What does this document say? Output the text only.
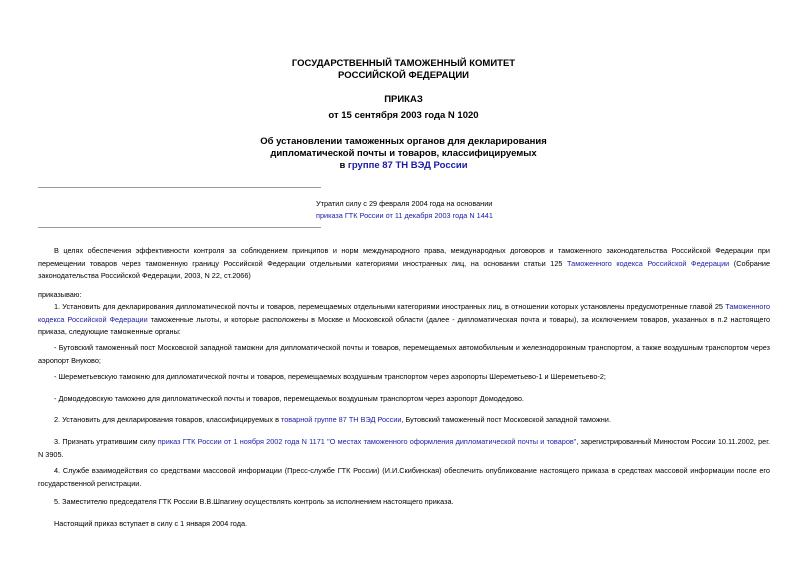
ГОСУДАРСТВЕННЫЙ ТАМОЖЕННЫЙ КОМИТЕТ
РОССИЙСКОЙ ФЕДЕРАЦИИ
ПРИКАЗ
от 15 сентября 2003 года N 1020
Об установлении таможенных органов для декларирования
дипломатической почты и товаров, классифицируемых
в группе 87 ТН ВЭД России
Утратил силу с 29 февраля 2004 года на основании
приказа ГТК России от 11 декабря 2003 года N 1441
В целях обеспечения эффективности контроля за соблюдением принципов и норм международного права, международных договоров и таможенного законодательства Российской Федерации при перемещении товаров через таможенную границу Российской Федерации отдельными категориями иностранных лиц, на основании статьи 125 Таможенного кодекса Российской Федерации (Собрание законодательства Российской Федерации, 2003, N 22, ст.2066)
приказываю:
1. Установить для декларирования дипломатической почты и товаров, перемещаемых отдельными категориями иностранных лиц, в отношении которых установлены предусмотренные главой 25 Таможенного кодекса Российской Федерации таможенные льготы, и которые расположены в Москве и Московской области (далее - дипломатическая почта и товары), за исключением товаров, указанных в п.2 настоящего приказа, следующие таможенные органы:
- Бутовский таможенный пост Московской западной таможни для дипломатической почты и товаров, перемещаемых автомобильным и железнодорожным транспортом, а также воздушным транспортом через аэропорт Внуково;
- Шереметьевскую таможню для дипломатической почты и товаров, перемещаемых воздушным транспортом через аэропорты Шереметьево-1 и Шереметьево-2;
- Домодедовскую таможню для дипломатической почты и товаров, перемещаемых воздушным транспортом через аэропорт Домодедово.
2. Установить для декларирования товаров, классифицируемых в товарной группе 87 ТН ВЭД России, Бутовский таможенный пост Московской западной таможни.
3. Признать утратившим силу приказ ГТК России от 1 ноября 2002 года N 1171 "О местах таможенного оформления дипломатической почты и товаров", зарегистрированный Минюстом России 10.11.2002, рег. N 3905.
4. Службе взаимодействия со средствами массовой информации (Пресс-службе ГТК России) (И.И.Скибинская) обеспечить опубликование настоящего приказа в средствах массовой информации после его государственной регистрации.
5. Заместителю председателя ГТК России В.В.Шпагину осуществлять контроль за исполнением настоящего приказа.
Настоящий приказ вступает в силу с 1 января 2004 года.
